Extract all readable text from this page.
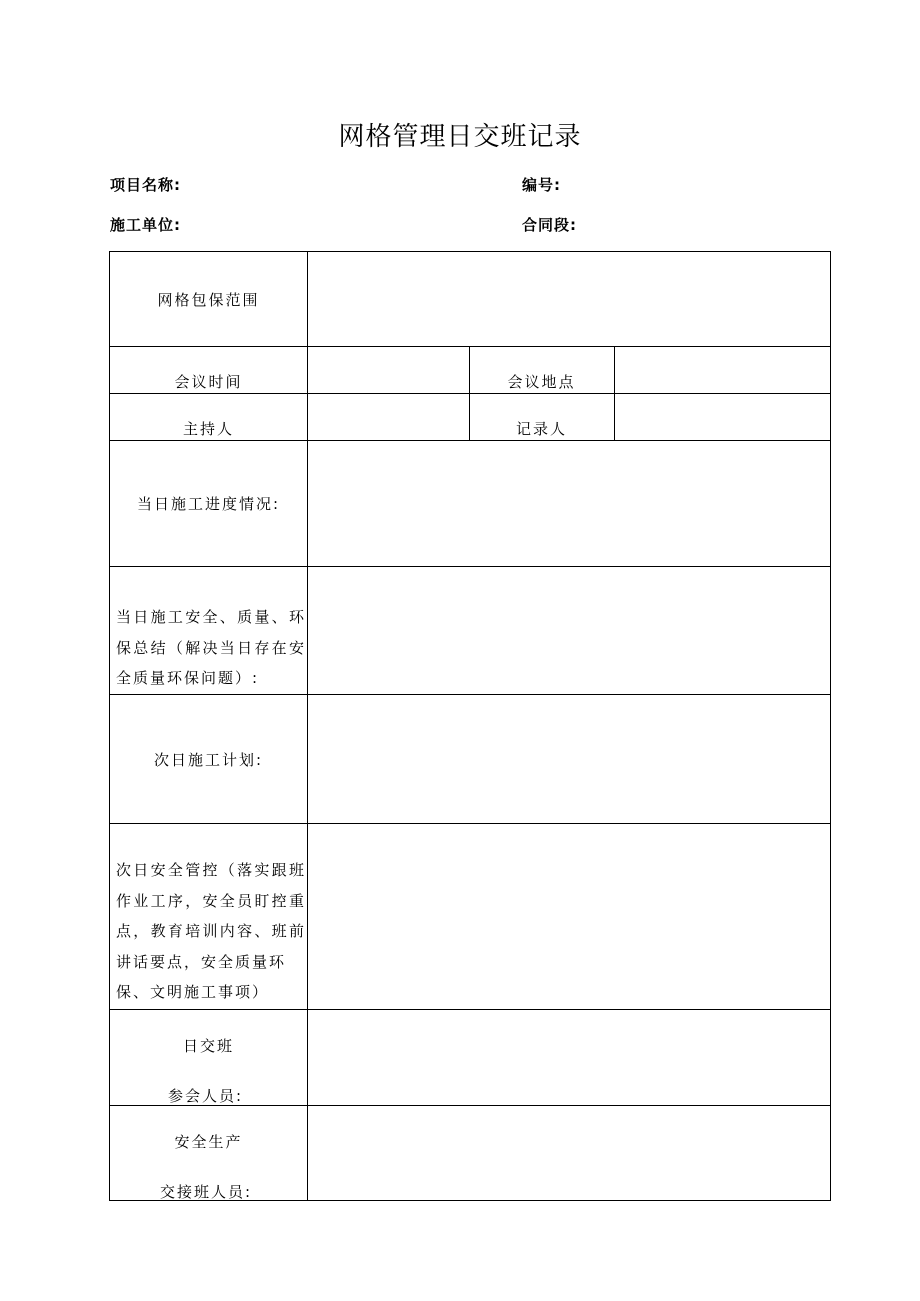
网格管理日交班记录
项目名称:	编号:
施工单位:	合同段:
网格包保范围
会议时间	会议地点
主持人	记录人
当日施工进度情况:
当日施工安全、质量、环
保总结（解决当日存在安
全质量环保问题）:
次日施工计划:
次日安全管控（落实跟班
作业工序，安全员盯控重
点，教育培训内容、班前
讲话要点，安全质量环
保、文明施工事项）
日交班
参会人员:
安全生产
交接班人员:
